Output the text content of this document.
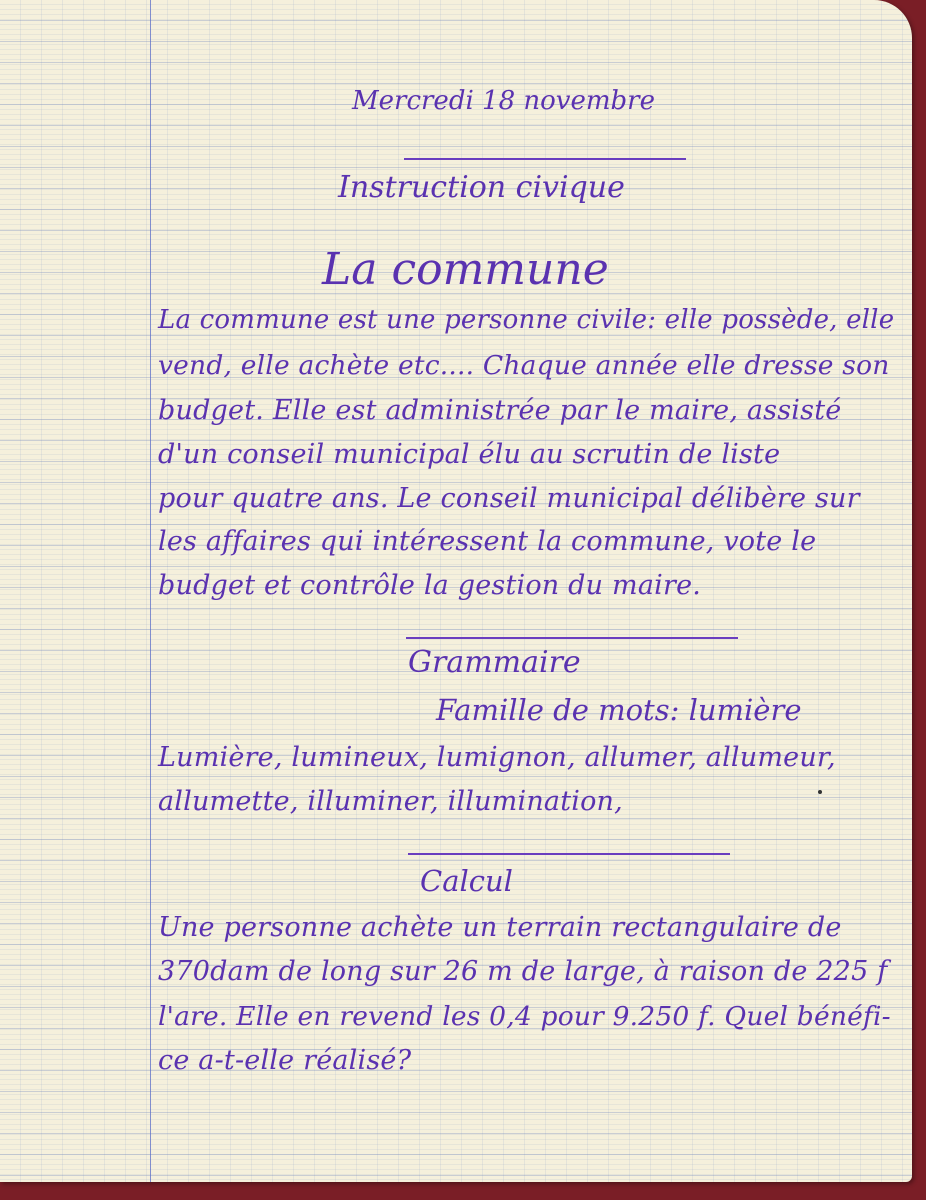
Mercredi 18 novembre

Instruction civique

La commune

La commune est une personne civile: elle possède, elle

vend, elle achète etc.... Chaque année elle dresse son

budget. Elle est administrée par le maire, assisté

d'un conseil municipal élu au scrutin de liste

pour quatre ans. Le conseil municipal délibère sur

les affaires qui intéressent la commune, vote le

budget et contrôle la gestion du maire.

Grammaire

Famille de mots: lumière

Lumière, lumineux, lumignon, allumer, allumeur,

allumette, illuminer, illumination,

Calcul

Une personne achète un terrain rectangulaire de

370dam de long sur 26 m de large, à raison de 225 f

l'are. Elle en revend les 0,4 pour 9.250 f. Quel bénéfi-

ce a-t-elle réalisé?
